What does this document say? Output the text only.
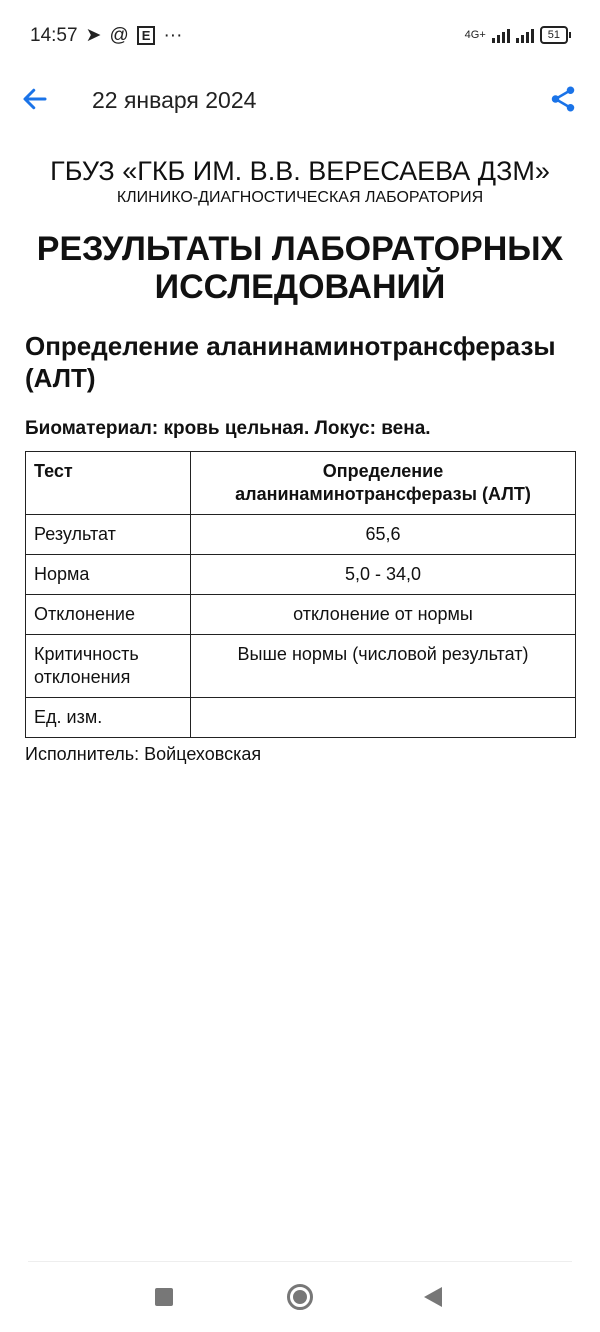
14:57 ➤ @	E ···	4G+	51
22 января 2024
ГБУЗ «ГКБ ИМ. В.В. ВЕРЕСАЕВА ДЗМ»
КЛИНИКО-ДИАГНОСТИЧЕСКАЯ ЛАБОРАТОРИЯ
РЕЗУЛЬТАТЫ ЛАБОРАТОРНЫХ ИССЛЕДОВАНИЙ
Определение аланинаминотрансферазы (АЛТ)
Биоматериал: кровь цельная. Локус: вена.
Тест	Определение аланинаминотрансферазы (АЛТ)
Результат	65,6
Норма	5,0 - 34,0
Отклонение	отклонение от нормы
Критичность отклонения	Выше нормы (числовой результат)
Ед. изм.	
Исполнитель: Войцеховская
